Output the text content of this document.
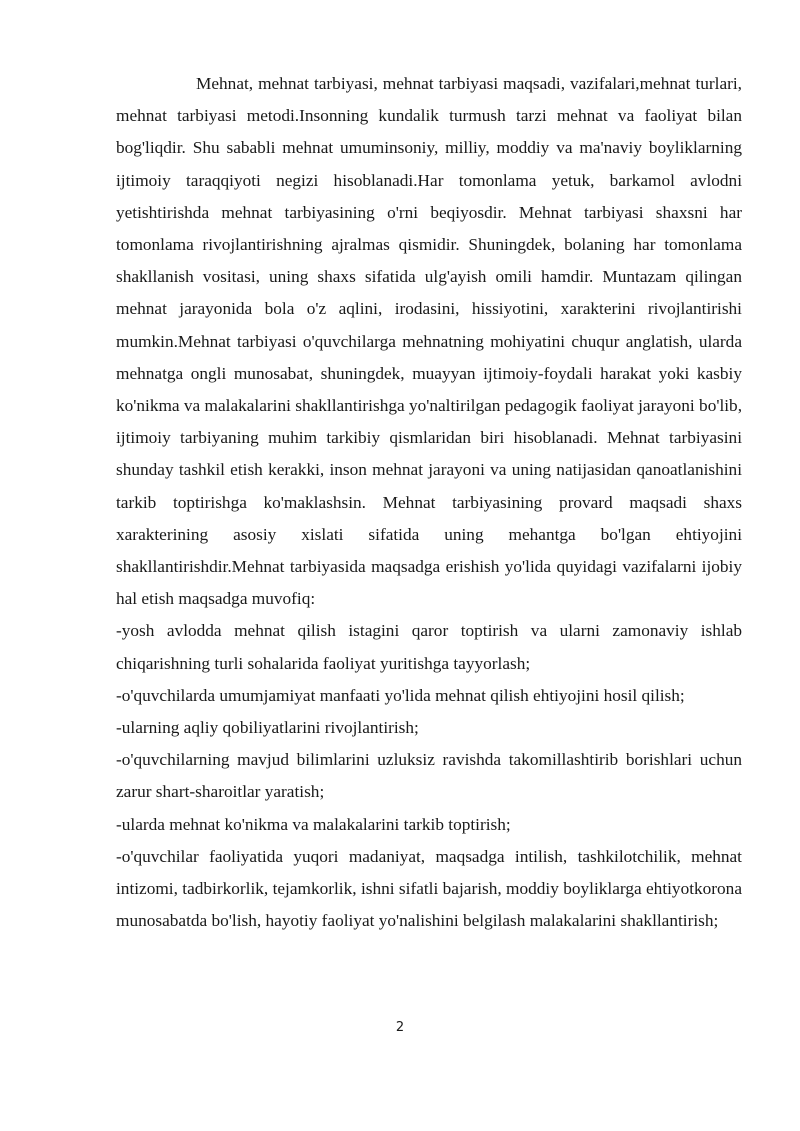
Mehnat, mehnat tarbiyasi, mehnat tarbiyasi maqsadi, vazifalari,mehnat turlari, mehnat tarbiyasi metodi.Insonning kundalik turmush tarzi mehnat va faoliyat bilan bog'liqdir. Shu sababli mehnat umuminsoniy, milliy, moddiy va ma'naviy boyliklarning ijtimoiy taraqqiyoti negizi hisoblanadi.Har tomonlama yetuk, barkamol avlodni yetishtirishda mehnat tarbiyasining o'rni beqiyosdir. Mehnat tarbiyasi shaxsni har tomonlama rivojlantirishning ajralmas qismidir. Shuningdek, bolaning har tomonlama shakllanish vositasi, uning shaxs sifatida ulg'ayish omili hamdir. Muntazam qilingan mehnat jarayonida bola o'z aqlini, irodasini, hissiyotini, xarakterini rivojlantirishi mumkin.Mehnat tarbiyasi o'quvchilarga mehnatning mohiyatini chuqur anglatish, ularda mehnatga ongli munosabat, shuningdek, muayyan ijtimoiy-foydali harakat yoki kasbiy ko'nikma va malakalarini shakllantirishga yo'naltirilgan pedagogik faoliyat jarayoni bo'lib, ijtimoiy tarbiyaning muhim tarkibiy qismlaridan biri hisoblanadi. Mehnat tarbiyasini shunday tashkil etish kerakki, inson mehnat jarayoni va uning natijasidan qanoatlanishini tarkib toptirishga ko'maklashsin. Mehnat tarbiyasining provard maqsadi shaxs xarakterining asosiy xislati sifatida uning mehantga bo'lgan ehtiyojini shakllantirishdir.Mehnat tarbiyasida maqsadga erishish yo'lida quyidagi vazifalarni ijobiy hal etish maqsadga muvofiq:

-yosh avlodda mehnat qilish istagini qaror toptirish va ularni zamonaviy ishlab chiqarishning turli sohalarida faoliyat yuritishga tayyorlash;

-o'quvchilarda umumjamiyat manfaati yo'lida mehnat qilish ehtiyojini hosil qilish;

-ularning aqliy qobiliyatlarini rivojlantirish;

-o'quvchilarning mavjud bilimlarini uzluksiz ravishda takomillashtirib borishlari uchun zarur shart-sharoitlar yaratish;

-ularda mehnat ko'nikma va malakalarini tarkib toptirish;

-o'quvchilar faoliyatida yuqori madaniyat, maqsadga intilish, tashkilotchilik, mehnat intizomi, tadbirkorlik, tejamkorlik, ishni sifatli bajarish, moddiy boyliklarga ehtiyotkorona munosabatda bo'lish, hayotiy faoliyat yo'nalishini belgilash malakalarini shakllantirish;

2
